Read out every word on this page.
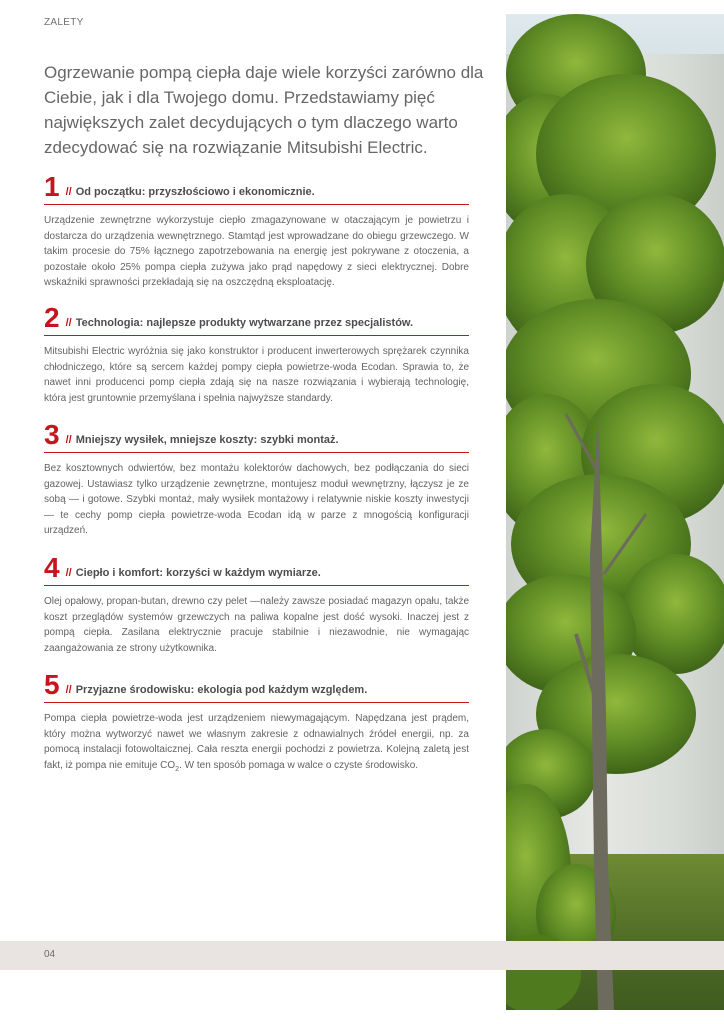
ZALETY

Ogrzewanie pompą ciepła daje wiele korzyści zarówno dla Ciebie, jak i dla Twojego domu. Przedstawiamy pięć największych zalet decydujących o tym dlaczego warto zdecydować się na rozwiązanie Mitsubishi Electric.

1 // Od początku: przyszłościowo i ekonomicznie.

Urządzenie zewnętrzne wykorzystuje ciepło zmagazynowane w otaczającym je powietrzu i dostarcza do urządzenia wewnętrznego. Stamtąd jest wprowadzane do obiegu grzewczego. W takim procesie do 75% łącznego zapotrzebowania na energię jest pokrywane z otoczenia, a pozostałe około 25% pompa ciepła zużywa jako prąd napędowy z sieci elektrycznej. Dobre wskaźniki sprawności przekładają się na oszczędną eksploatację.

2 // Technologia: najlepsze produkty wytwarzane przez specjalistów.

Mitsubishi Electric wyróżnia się jako konstruktor i producent inwerterowych sprężarek czynnika chłodniczego, które są sercem każdej pompy ciepła powietrze-woda Ecodan. Sprawia to, że nawet inni producenci pomp ciepła zdają się na nasze rozwiązania i wybierają technologię, która jest gruntownie przemyślana i spełnia najwyższe standardy.

3 // Mniejszy wysiłek, mniejsze koszty: szybki montaż.

Bez kosztownych odwiertów, bez montażu kolektorów dachowych, bez podłączania do sieci gazowej. Ustawiasz tylko urządzenie zewnętrzne, montujesz moduł wewnętrzny, łączysz je ze sobą — i gotowe. Szybki montaż, mały wysiłek montażowy i relatywnie niskie koszty inwestycji — te cechy pomp ciepła powietrze-woda Ecodan idą w parze z mnogością konfiguracji urządzeń.

4 // Ciepło i komfort: korzyści w każdym wymiarze.

Olej opałowy, propan-butan, drewno czy pelet —należy zawsze posiadać magazyn opału, także koszt przeglądów systemów grzewczych na paliwa kopalne jest dość wysoki. Inaczej jest z pompą ciepła. Zasilana elektrycznie pracuje stabilnie i niezawodnie, nie wymagając zaangażowania ze strony użytkownika.

5 // Przyjazne środowisku: ekologia pod każdym względem.

Pompa ciepła powietrze-woda jest urządzeniem niewymagającym. Napędzana jest prądem, który można wytworzyć nawet we własnym zakresie z odnawialnych źródeł energii, np. za pomocą instalacji fotowoltaicznej. Cała reszta energii pochodzi z powietrza. Kolejną zaletą jest fakt, iż pompa nie emituje $CO_2$. W ten sposób pomaga w walce o czyste środowisko.

04
